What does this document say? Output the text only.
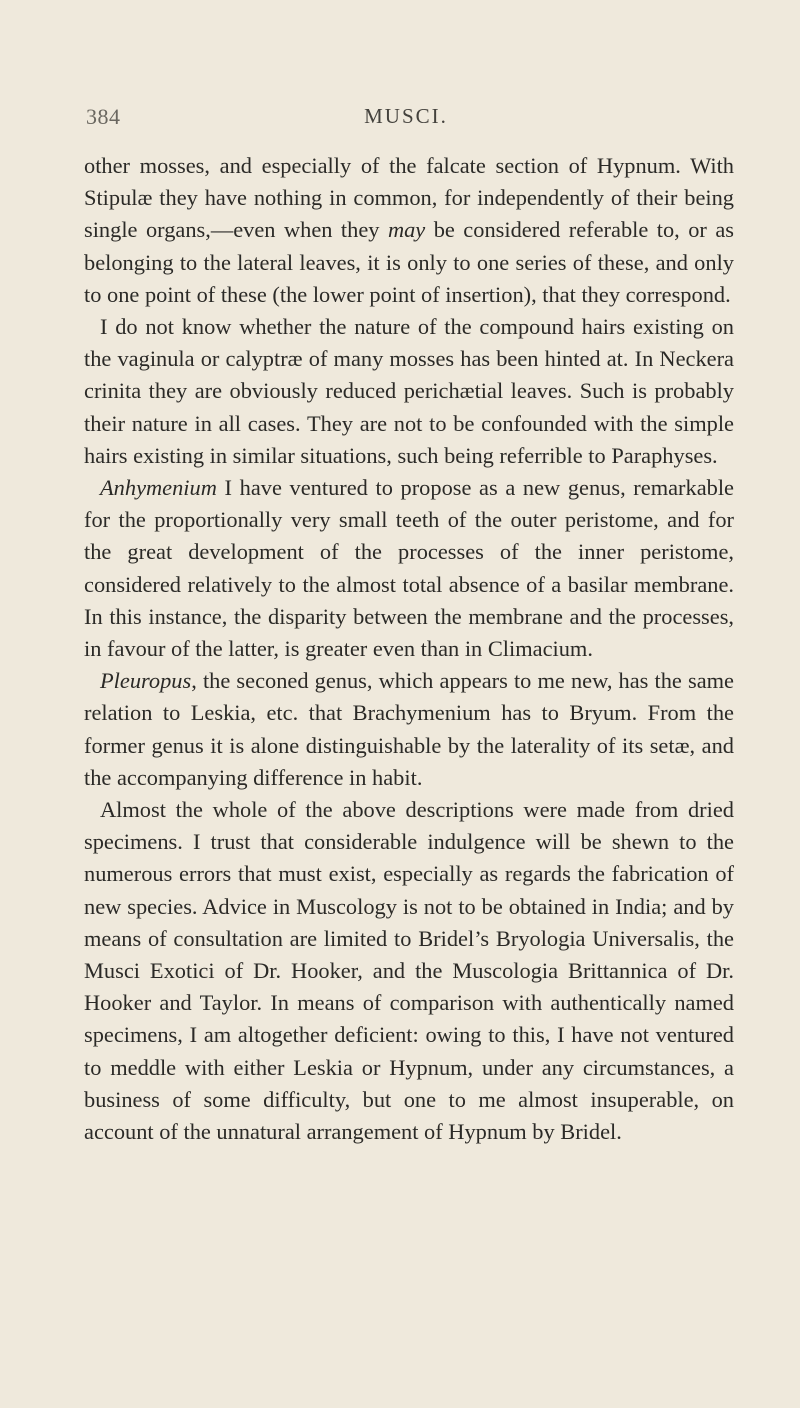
384	MUSCI.

other mosses, and especially of the falcate section of Hypnum. With Stipulæ they have nothing in common, for independently of their being single organs,—even when they may be considered referable to, or as belonging to the lateral leaves, it is only to one series of these, and only to one point of these (the lower point of insertion), that they correspond.

I do not know whether the nature of the compound hairs existing on the vaginula or calyptræ of many mosses has been hinted at. In Neckera crinita they are obviously reduced perichætial leaves. Such is probably their nature in all cases. They are not to be confounded with the simple hairs existing in similar situations, such being referrible to Paraphyses.

Anhymenium I have ventured to propose as a new genus, remarkable for the proportionally very small teeth of the outer peristome, and for the great development of the processes of the inner peristome, considered relatively to the almost total absence of a basilar membrane. In this instance, the disparity between the membrane and the processes, in favour of the latter, is greater even than in Climacium.

Pleuropus, the seconed genus, which appears to me new, has the same relation to Leskia, etc. that Brachymenium has to Bryum. From the former genus it is alone distinguishable by the laterality of its setæ, and the accompanying difference in habit.

Almost the whole of the above descriptions were made from dried specimens. I trust that considerable indulgence will be shewn to the numerous errors that must exist, especially as regards the fabrication of new species. Advice in Muscology is not to be obtained in India; and by means of consultation are limited to Bridel’s Bryologia Universalis, the Musci Exotici of Dr. Hooker, and the Muscologia Brittannica of Dr. Hooker and Taylor. In means of comparison with authentically named specimens, I am altogether deficient: owing to this, I have not ventured to meddle with either Leskia or Hypnum, under any circumstances, a business of some difficulty, but one to me almost insuperable, on account of the unnatural arrangement of Hypnum by Bridel.
